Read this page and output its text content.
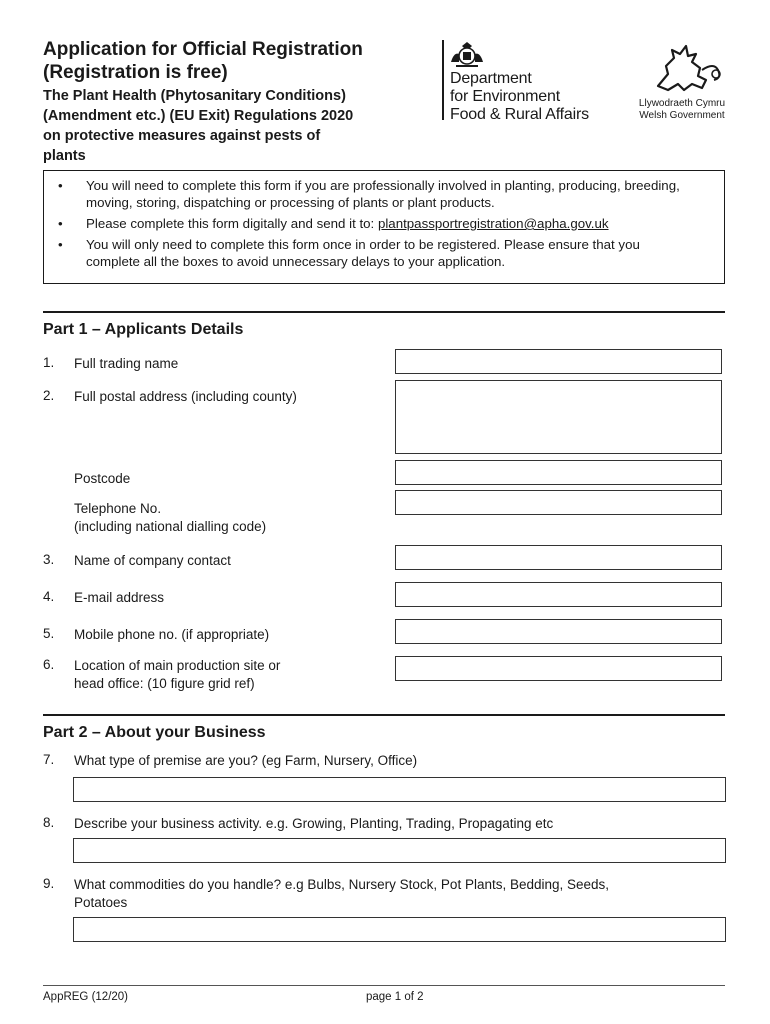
Application for Official Registration
(Registration is free)
The Plant Health (Phytosanitary Conditions) (Amendment etc.) (EU Exit) Regulations 2020 on protective measures against pests of plants
Department
for Environment
Food & Rural Affairs
Llywodraeth Cymru
Welsh Government
• You will need to complete this form if you are professionally involved in planting, producing, breeding, moving, storing, dispatching or processing of plants or plant products.
• Please complete this form digitally and send it to: plantpassportregistration@apha.gov.uk
• You will only need to complete this form once in order to be registered. Please ensure that you complete all the boxes to avoid unnecessary delays to your application.
Part 1 – Applicants Details
1. Full trading name
2. Full postal address (including county)
Postcode
Telephone No.
(including national dialling code)
3. Name of company contact
4. E-mail address
5. Mobile phone no. (if appropriate)
6. Location of main production site or
head office: (10 figure grid ref)
Part 2 – About your Business
7. What type of premise are you? (eg Farm, Nursery, Office)
8. Describe your business activity. e.g. Growing, Planting, Trading, Propagating etc
9. What commodities do you handle? e.g Bulbs, Nursery Stock, Pot Plants, Bedding, Seeds,
Potatoes
AppREG (12/20)	page 1 of 2
